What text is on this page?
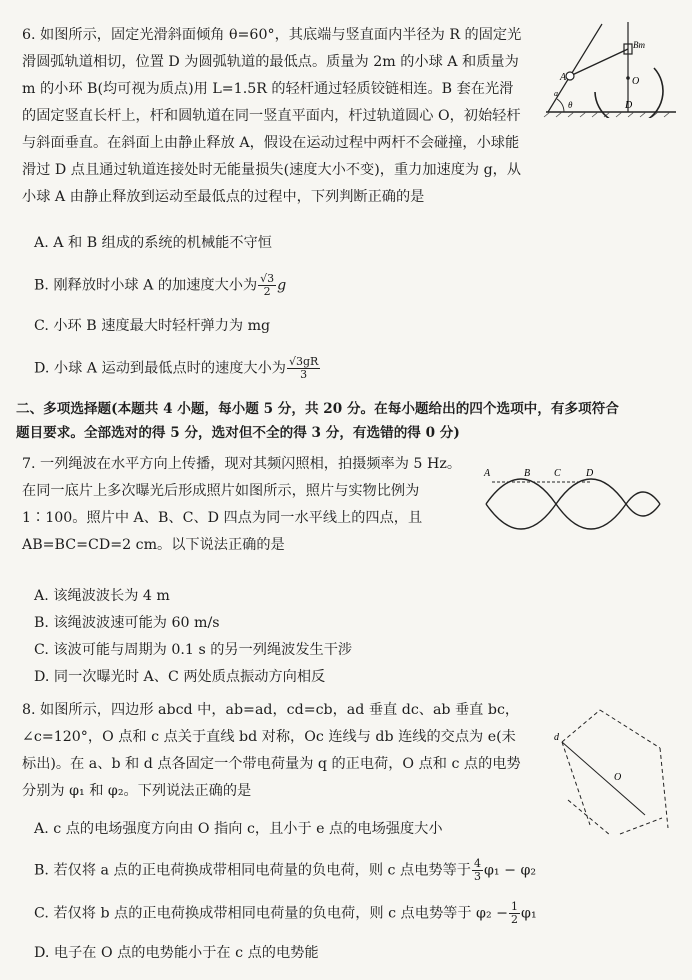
6. 如图所示，固定光滑斜面倾角 θ=60°，其底端与竖直面内半径为 R 的固定光滑圆弧轨道相切，位置 D 为圆弧轨道的最低点。质量为 2m 的小球 A 和质量为 m 的小环 B(均可视为质点)用 L=1.5R 的轻杆通过轻质铰链相连。B 套在光滑的固定竖直长杆上，杆和圆轨道在同一竖直平面内，杆过轨道圆心 O，初始轻杆与斜面垂直。在斜面上由静止释放 A，假设在运动过程中两杆不会碰撞，小球能滑过 D 点且通过轨道连接处时无能量损失(速度大小不变)，重力加速度为 g，从小球 A 由静止释放到运动至最低点的过程中，下列判断正确的是

A
Bm
O
D
θ
a
A. A 和 B 组成的系统的机械能不守恒
B. 刚释放时小球 A 的加速度大小为 $\frac{√3}{2}$ g
C. 小环 B 速度最大时轻杆弹力为 mg
D. 小球 A 运动到最低点时的速度大小为 $\frac{√3gR}{3}$
二、多项选择题(本题共 4 小题，每小题 5 分，共 20 分。在每小题给出的四个选项中，有多项符合
题目要求。全部选对的得 5 分，选对但不全的得 3 分，有选错的得 0 分)

7. 一列绳波在水平方向上传播，现对其频闪照相，拍摄频率为 5 Hz。在同一底片上多次曝光后形成照片如图所示，照片与实物比例为 1∶100。照片中 A、B、C、D 四点为同一水平线上的四点，且 AB=BC=CD=2 cm。以下说法正确的是

A	B C	D
A. 该绳波波长为 4 m
B. 该绳波波速可能为 60 m/s
C. 该波可能与周期为 0.1 s 的另一列绳波发生干涉
D. 同一次曝光时 A、C 两处质点振动方向相反

8. 如图所示，四边形 abcd 中，ab=ad，cd=cb，ad 垂直 dc、ab 垂直 bc，∠c=120°，O 点和 c 点关于直线 bd 对称，Oc 连线与 db 连线的交点为 e(未标出)。在 a、b 和 d 点各固定一个带电荷量为 q 的正电荷，O 点和 c 点的电势分别为 φ₁ 和 φ₂。下列说法正确的是

d
O
A. c 点的电场强度方向由 O 指向 c，且小于 e 点的电场强度大小
B. 若仅将 a 点的正电荷换成带相同电荷量的负电荷，则 c 点电势等于 $\frac{4}{3} \varphi_1 - \varphi_2$
C. 若仅将 b 点的正电荷换成带相同电荷量的负电荷，则 c 点电势等于 $\varphi_2 - \frac{1}{2} \varphi_1$
D. 电子在 O 点的电势能小于在 c 点的电势能
